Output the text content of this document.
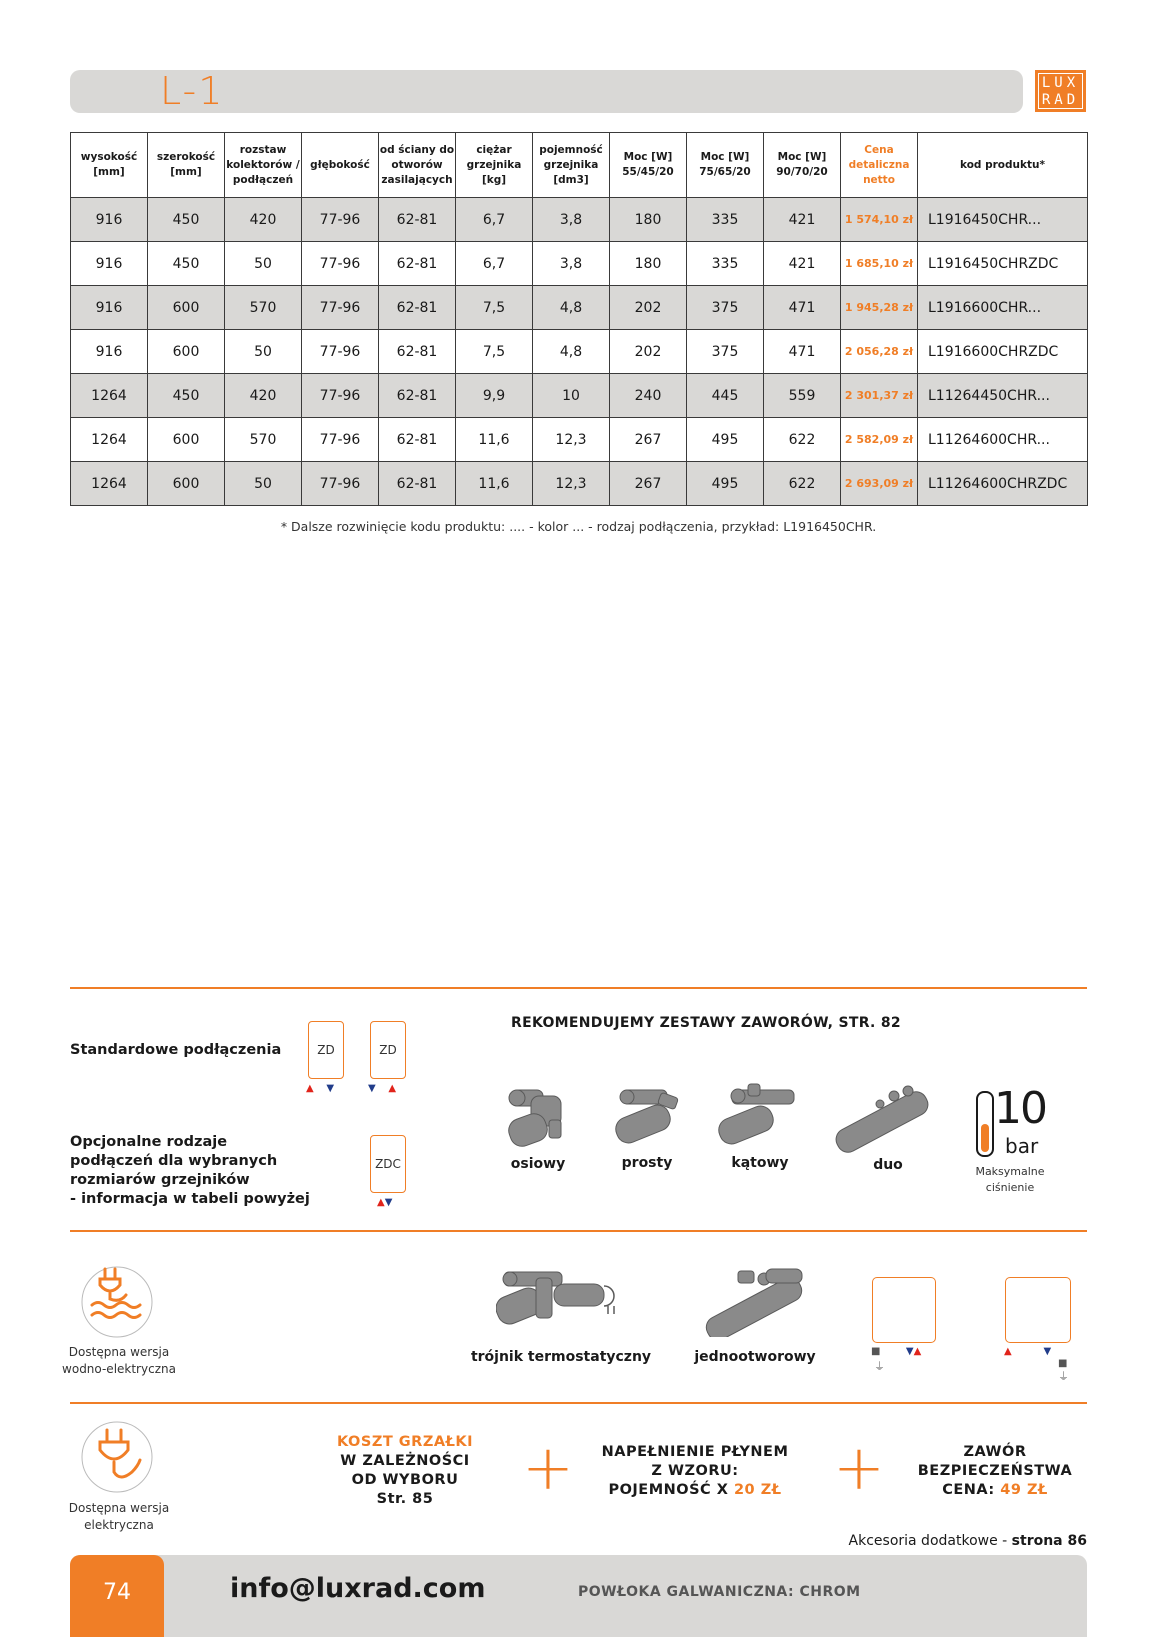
L-1	LUX
RAD
wysokość [mm]	szerokość [mm]	rozstaw kolektorów / podłączeń	głębokość	od ściany do otworów zasilających	ciężar grzejnika [kg]	pojemność grzejnika [dm3]	Moc [W] 55/45/20	Moc [W] 75/65/20	Moc [W] 90/70/20	Cena detaliczna netto	kod produktu*
916	450	420	77-96	62-81	6,7	3,8	180	335	421	1 574,10 zł	L1916450CHR...
916	450	50	77-96	62-81	6,7	3,8	180	335	421	1 685,10 zł	L1916450CHRZDC
916	600	570	77-96	62-81	7,5	4,8	202	375	471	1 945,28 zł	L1916600CHR...
916	600	50	77-96	62-81	7,5	4,8	202	375	471	2 056,28 zł	L1916600CHRZDC
1264	450	420	77-96	62-81	9,9	10	240	445	559	2 301,37 zł	L11264450CHR...
1264	600	570	77-96	62-81	11,6	12,3	267	495	622	2 582,09 zł	L11264600CHR...
1264	600	50	77-96	62-81	11,6	12,3	267	495	622	2 693,09 zł	L11264600CHRZDC
* Dalsze rozwinięcie kodu produktu: .... - kolor ... - rodzaj podłączenia, przykład: L1916450CHR.
Standardowe podłączenia	ZD
▲ ▼
ZD
▼ ▲
Opcjonalne rodzaje
podłączeń dla wybranych
rozmiarów grzejników
- informacja w tabeli powyżej
ZDC
▲▼
REKOMENDUJEMY ZESTAWY ZAWORÓW, STR. 82
osiowy	prosty	kątowy	duo
10
bar
Maksymalne
ciśnienie
Dostępna wersja
wodno-elektryczna
trójnik termostatyczny	jednootworowy	■	▼▲
⏚
▲	▼
■
⏚
Dostępna wersja
elektryczna
KOSZT GRZAŁKI
W ZALEŻNOŚCI
OD WYBORU
Str. 85	+	NAPEŁNIENIE PŁYNEM
Z WZORU:
POJEMNOŚĆ X 20 ZŁ +	ZAWÓR
BEZPIECZEŃSTWA
CENA: 49 ZŁ
Akcesoria dodatkowe - strona 86
74	info@luxrad.com	POWŁOKA GALWANICZNA: CHROM
